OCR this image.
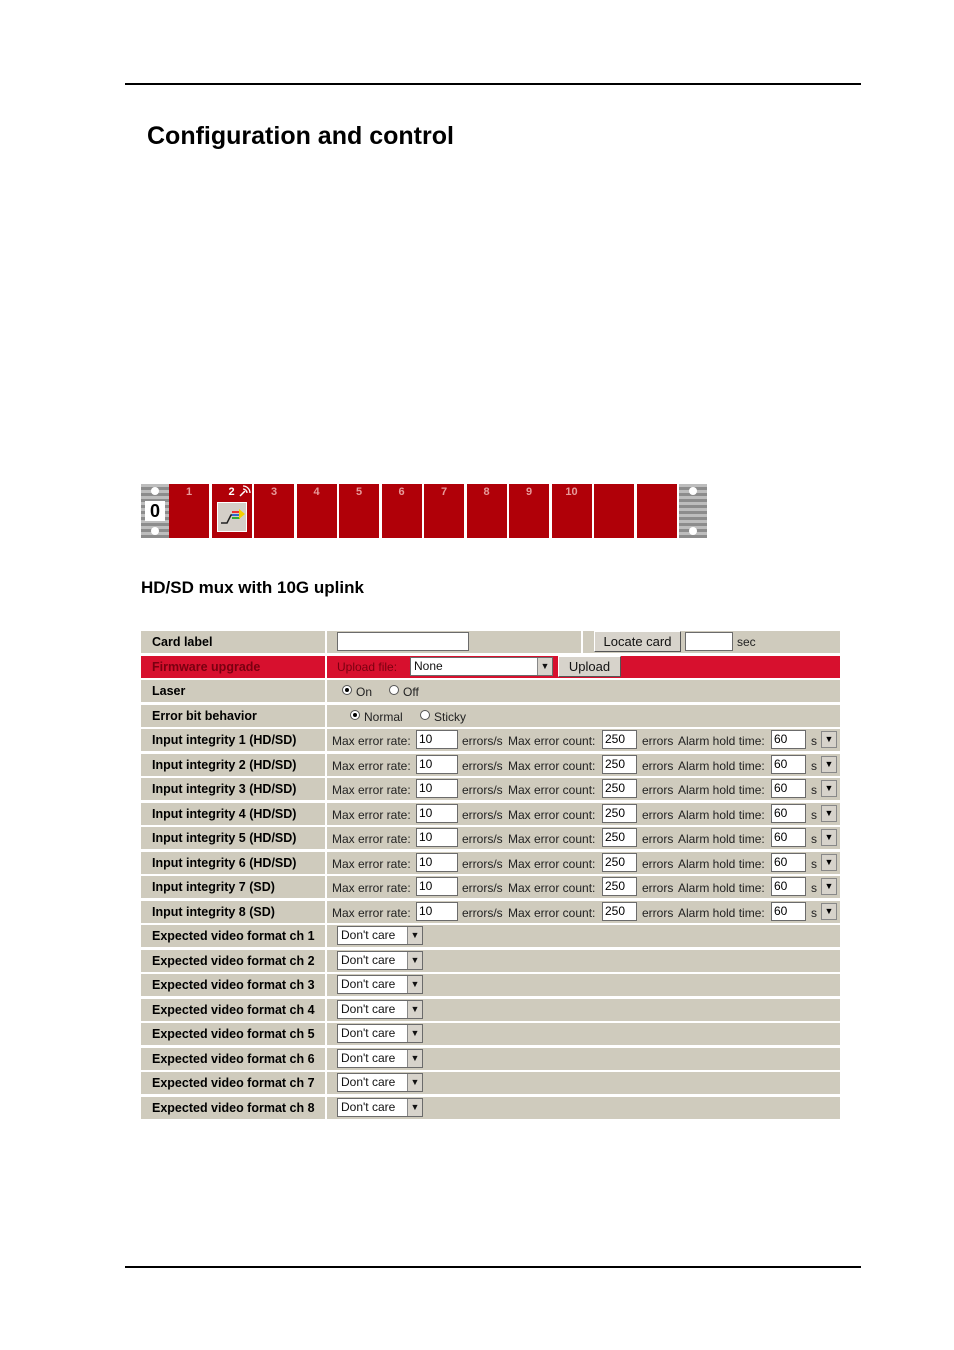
Configuration and control
0
1	2	3	4	5	6	7	8	9	10
HD/SD mux with 10G uplink
Card label	Locate card	sec
Firmware upgrade	Upload file:	None	▼	Upload
Laser	On	Off
Error bit behavior	Normal	Sticky
Input integrity 1 (HD/SD)	Max error rate: 10	errors/s Max error count: 250	errors Alarm hold time: 60	s ▼
Input integrity 2 (HD/SD)	Max error rate: 10	errors/s Max error count: 250	errors Alarm hold time: 60	s ▼
Input integrity 3 (HD/SD)	Max error rate: 10	errors/s Max error count: 250	errors Alarm hold time: 60	s ▼
Input integrity 4 (HD/SD)	Max error rate: 10	errors/s Max error count: 250	errors Alarm hold time: 60	s ▼
Input integrity 5 (HD/SD)	Max error rate: 10	errors/s Max error count: 250	errors Alarm hold time: 60	s ▼
Input integrity 6 (HD/SD)	Max error rate: 10	errors/s Max error count: 250	errors Alarm hold time: 60	s ▼
Input integrity 7 (SD)	Max error rate: 10	errors/s Max error count: 250	errors Alarm hold time: 60	s ▼
Input integrity 8 (SD)	Max error rate: 10	errors/s Max error count: 250	errors Alarm hold time: 60	s ▼
Expected video format ch 1	Don't care	▼
Expected video format ch 2	Don't care	▼
Expected video format ch 3	Don't care	▼
Expected video format ch 4	Don't care	▼
Expected video format ch 5	Don't care	▼
Expected video format ch 6	Don't care	▼
Expected video format ch 7	Don't care	▼
Expected video format ch 8	Don't care	▼
